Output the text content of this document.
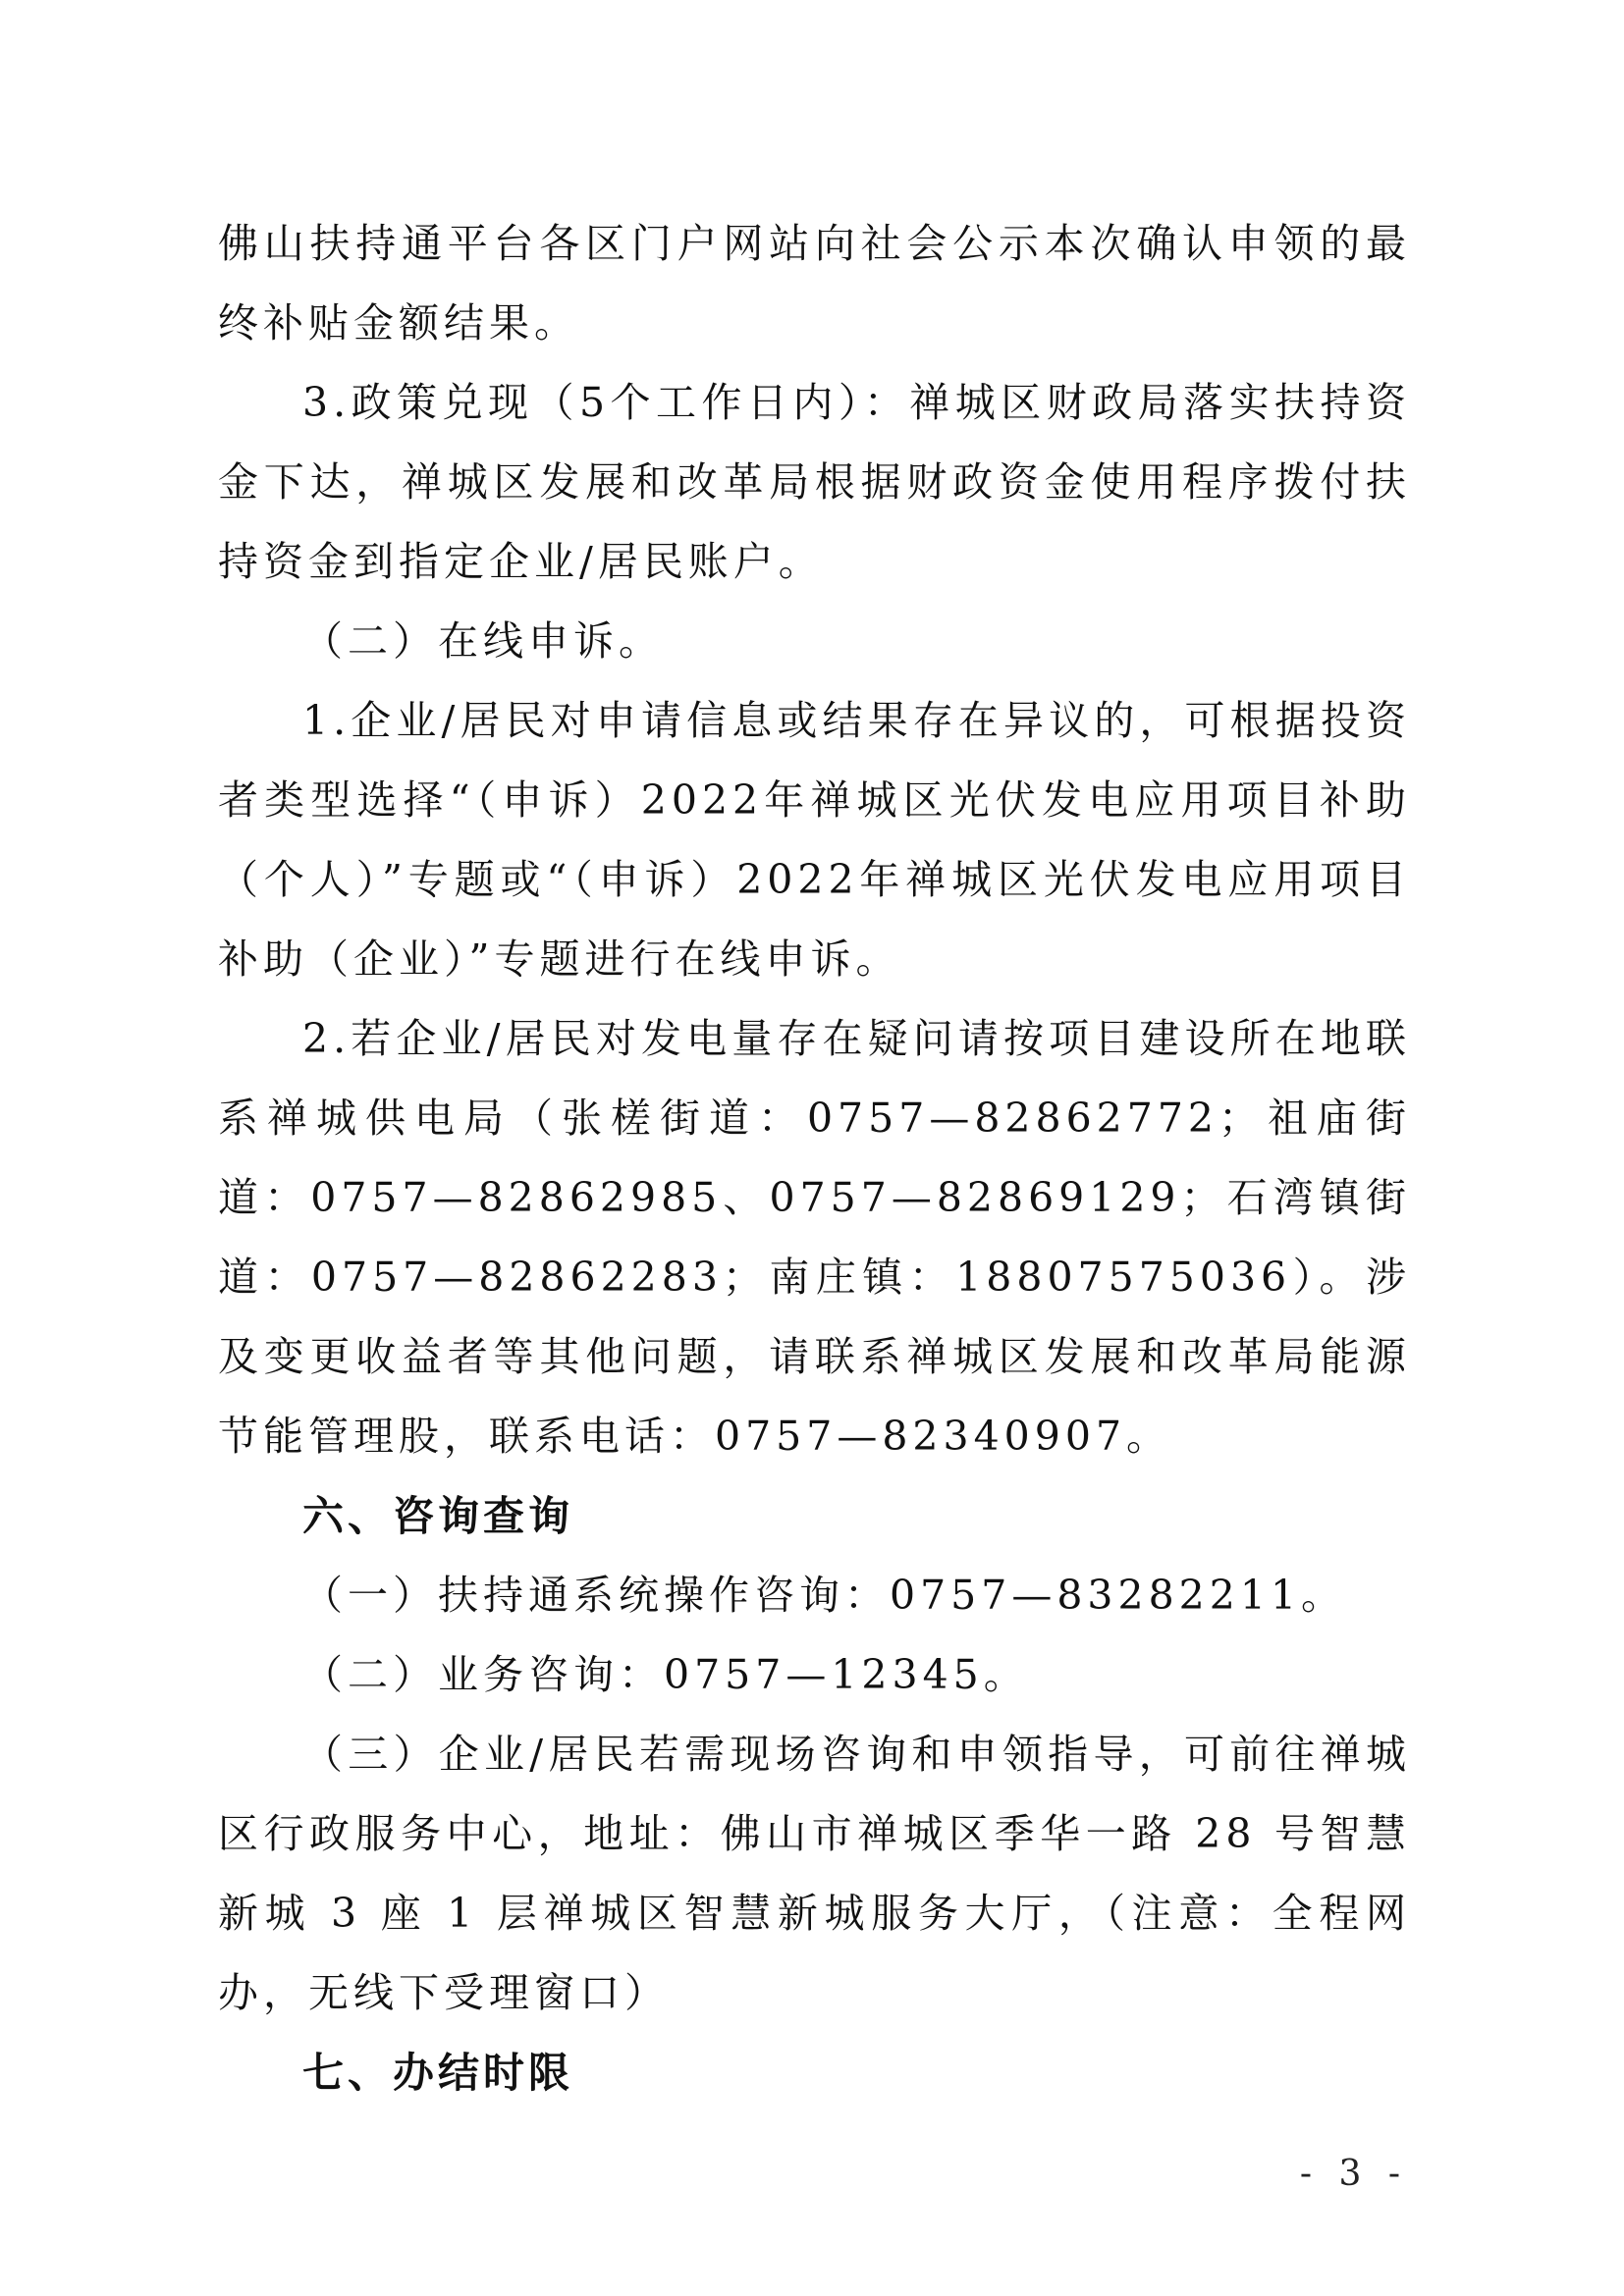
佛山扶持通平台各区门户网站向社会公示本次确认申领的最终补贴金额结果。

3.政策兑现（5个工作日内）：禅城区财政局落实扶持资金下达，禅城区发展和改革局根据财政资金使用程序拨付扶持资金到指定企业/居民账户。

（二）在线申诉。

1.企业/居民对申请信息或结果存在异议的，可根据投资者类型选择“（申诉）2022年禅城区光伏发电应用项目补助（个人）”专题或“（申诉）2022年禅城区光伏发电应用项目补助（企业）”专题进行在线申诉。

2.若企业/居民对发电量存在疑问请按项目建设所在地联系禅城供电局（张槎街道：0757—82862772；祖庙街道：0757—82862985、0757—82869129；石湾镇街道：0757—82862283；南庄镇：18807575036）。涉及变更收益者等其他问题，请联系禅城区发展和改革局能源节能管理股，联系电话：0757—82340907。

六、咨询查询

（一）扶持通系统操作咨询：0757—83282211。

（二）业务咨询：0757—12345。

（三）企业/居民若需现场咨询和申领指导，可前往禅城区行政服务中心，地址：佛山市禅城区季华一路 28 号智慧新城 3 座 1 层禅城区智慧新城服务大厅，（注意：全程网办，无线下受理窗口）

七、办结时限

- 3 -
